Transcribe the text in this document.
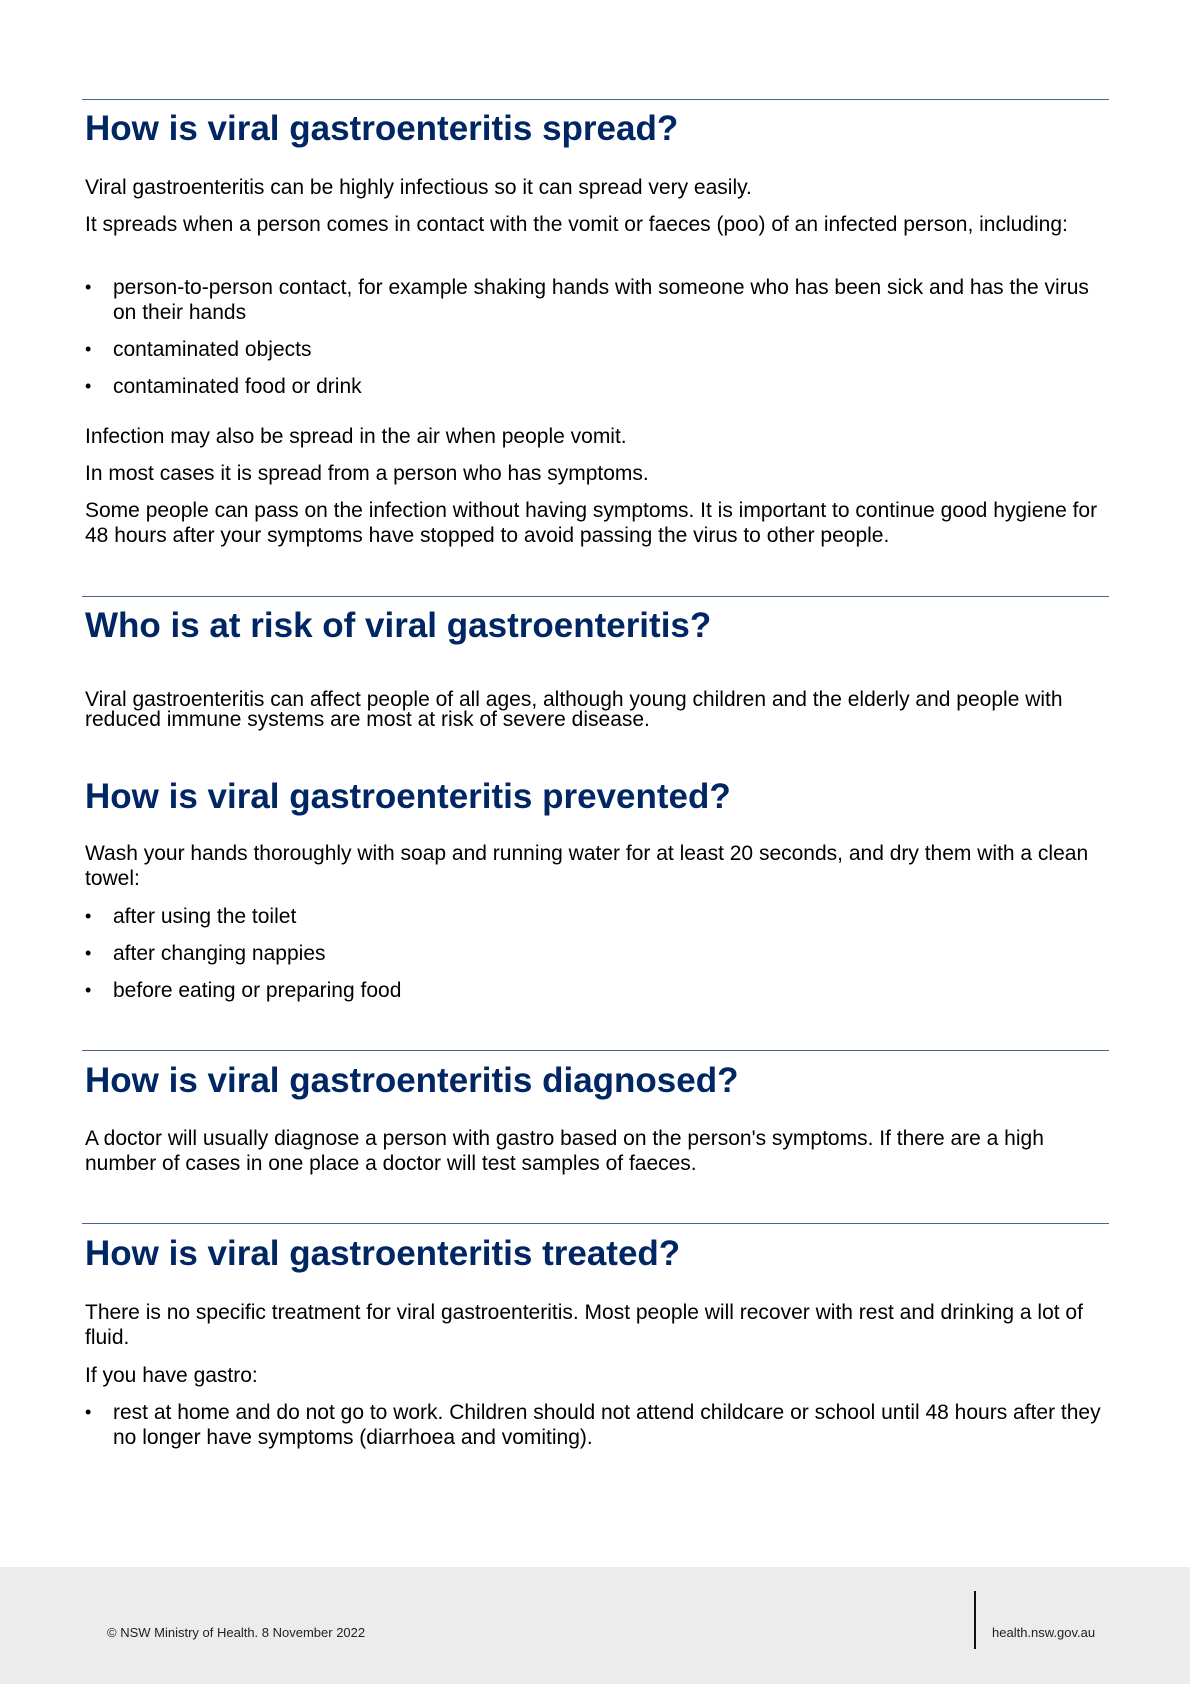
How is viral gastroenteritis spread?

Viral gastroenteritis can be highly infectious so it can spread very easily.

It spreads when a person comes in contact with the vomit or faeces (poo) of an infected person, including:

• person-to-person contact, for example shaking hands with someone who has been sick and has the virus on their hands
• contaminated objects
• contaminated food or drink

Infection may also be spread in the air when people vomit.

In most cases it is spread from a person who has symptoms.

Some people can pass on the infection without having symptoms. It is important to continue good hygiene for 48 hours after your symptoms have stopped to avoid passing the virus to other people.

Who is at risk of viral gastroenteritis?

Viral gastroenteritis can affect people of all ages, although young children and the elderly and people with reduced immune systems are most at risk of severe disease.

How is viral gastroenteritis prevented?

Wash your hands thoroughly with soap and running water for at least 20 seconds, and dry them with a clean towel:

• after using the toilet
• after changing nappies
• before eating or preparing food
How is viral gastroenteritis diagnosed?

A doctor will usually diagnose a person with gastro based on the person's symptoms. If there are a high number of cases in one place a doctor will test samples of faeces.

How is viral gastroenteritis treated?

There is no specific treatment for viral gastroenteritis. Most people will recover with rest and drinking a lot of fluid.

If you have gastro:

• rest at home and do not go to work. Children should not attend childcare or school until 48 hours after they no longer have symptoms (diarrhoea and vomiting).
© NSW Ministry of Health. 8 November 2022	health.nsw.gov.au
